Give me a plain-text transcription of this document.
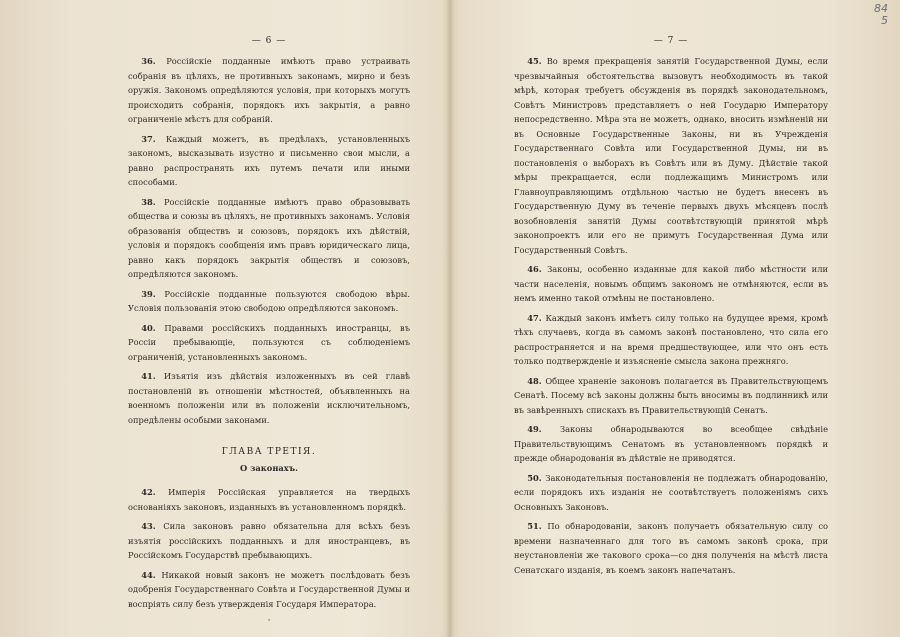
— 6 —

36. Россійскіе подданные имѣютъ право устраивать собранія въ цѣляхъ, не противныхъ законамъ, мирно и безъ оружія. Закономъ опредѣляются условія, при которыхъ могутъ происходить собранія, порядокъ ихъ закрытія, а равно ограниченіе мѣстъ для собраній.

37. Каждый можетъ, въ предѣлахъ, установленныхъ закономъ, высказывать изустно и письменно свои мысли, а равно распространять ихъ путемъ печати или иными способами.

38. Россійскіе подданные имѣютъ право образовывать общества и союзы въ цѣляхъ, не противныхъ законамъ. Условія образованія обществъ и союзовъ, порядокъ ихъ дѣйствій, условія и порядокъ сообщенія имъ правъ юридическаго лица, равно какъ порядокъ закрытія обществъ и союзовъ, опредѣляются закономъ.

39. Россійскіе подданные пользуются свободою вѣры. Условія пользованія этою свободою опредѣляются закономъ.

40. Правами россійскихъ подданныхъ иностранцы, въ Россіи пребывающіе, пользуются съ соблюденіемъ ограниченій, установленныхъ закономъ.

41. Изъятія изъ дѣйствія изложенныхъ въ сей главѣ постановленій въ отношеніи мѣстностей, объявленныхъ на военномъ положеніи или въ положеніи исключительномъ, опредѣлены особыми законами.

ГЛАВА ТРЕТІЯ.
О законахъ.

42. Имперія Россійская управляется на твердыхъ основаніяхъ законовъ, изданныхъ въ установленномъ порядкѣ.

43. Сила законовъ равно обязательна для всѣхъ безъ изъятія россійскихъ подданныхъ и для иностранцевъ, въ Россійскомъ Государствѣ пребывающихъ.

44. Никакой новый законъ не можетъ послѣдовать безъ одобренія Государственнаго Совѣта и Государственной Думы и воспріять силу безъ утвержденія Государя Императора.

·
— 7 —

45. Во время прекращенія занятій Государственной Думы, если чрезвычайныя обстоятельства вызовутъ необходимость въ такой мѣрѣ, которая требуетъ обсужденія въ порядкѣ законодательномъ, Совѣтъ Министровъ представляетъ о ней Государю Императору непосредственно. Мѣра эта не можетъ, однако, вносить измѣненій ни въ Основные Государственные Законы, ни въ Учрежденія Государственнаго Совѣта или Государственной Думы, ни въ постановленія о выборахъ въ Совѣтъ или въ Думу. Дѣйствіе такой мѣры прекращается, если подлежащимъ Министромъ или Главноуправляющимъ отдѣльною частью не будетъ внесенъ въ Государственную Думу въ теченіе первыхъ двухъ мѣсяцевъ послѣ возобновленія занятій Думы соотвѣтствующій принятой мѣрѣ законопроектъ или его не примутъ Государственная Дума или Государственный Совѣтъ.

46. Законы, особенно изданные для какой либо мѣстности или части населенія, новымъ общимъ закономъ не отмѣняются, если въ немъ именно такой отмѣны не постановлено.

47. Каждый законъ имѣетъ силу только на будущее время, кромѣ тѣхъ случаевъ, когда въ самомъ законѣ постановлено, что сила его распространяется и на время предшествующее, или что онъ есть только подтвержденіе и изъясненіе смысла закона прежняго.

48. Общее храненіе законовъ полагается въ Правительствующемъ Сенатѣ. Посему всѣ законы должны быть вносимы въ подлинникѣ или въ завѣренныхъ спискахъ въ Правительствующій Сенатъ.

49. Законы обнародываются во всеобщее свѣдѣніе Правительствующимъ Сенатомъ въ установленномъ порядкѣ и прежде обнародованія въ дѣйствіе не приводятся.

50. Законодательныя постановленія не подлежатъ обнародованію, если порядокъ ихъ изданія не соотвѣтствуетъ положеніямъ сихъ Основныхъ Законовъ.

51. По обнародованіи, законъ получаетъ обязательную силу со времени назначеннаго для того въ самомъ законѣ срока, при неустановленіи же такового срока—со дня полученія на мѣстѣ листа Сенатскаго изданія, въ коемъ законъ напечатанъ.

84
5
